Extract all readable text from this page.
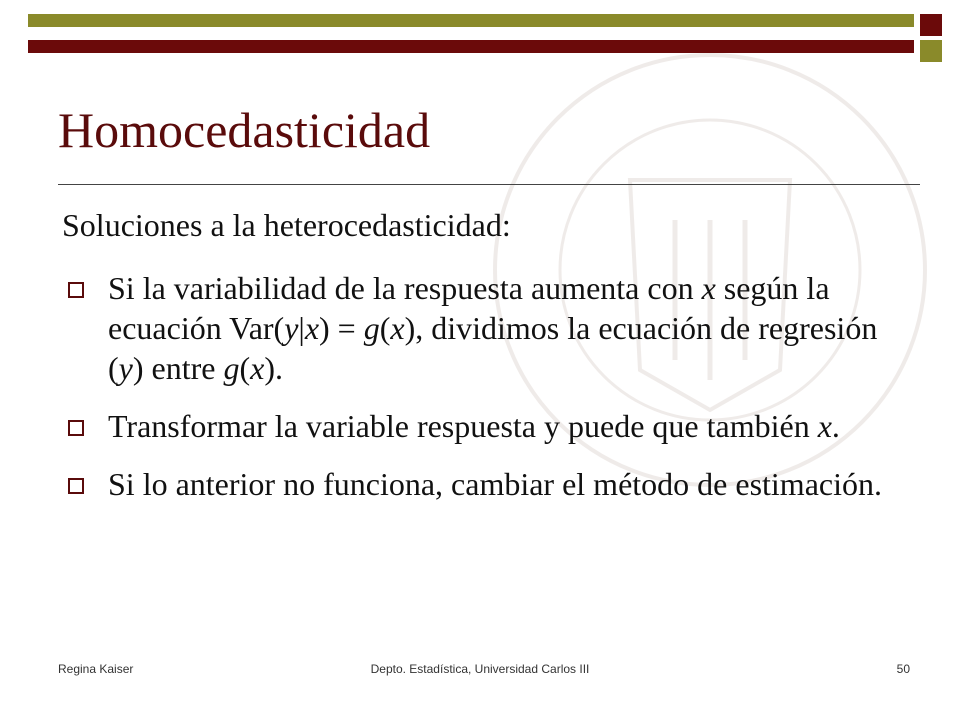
Homocedasticidad
Soluciones a la heterocedasticidad:
Si la variabilidad de la respuesta aumenta con x según la ecuación Var(y|x) = g(x), dividimos la ecuación de regresión (y) entre g(x).
Transformar la variable respuesta y puede que también x.
Si lo anterior no funciona, cambiar el método de estimación.
Regina Kaiser	Depto. Estadística, Universidad Carlos III	50
